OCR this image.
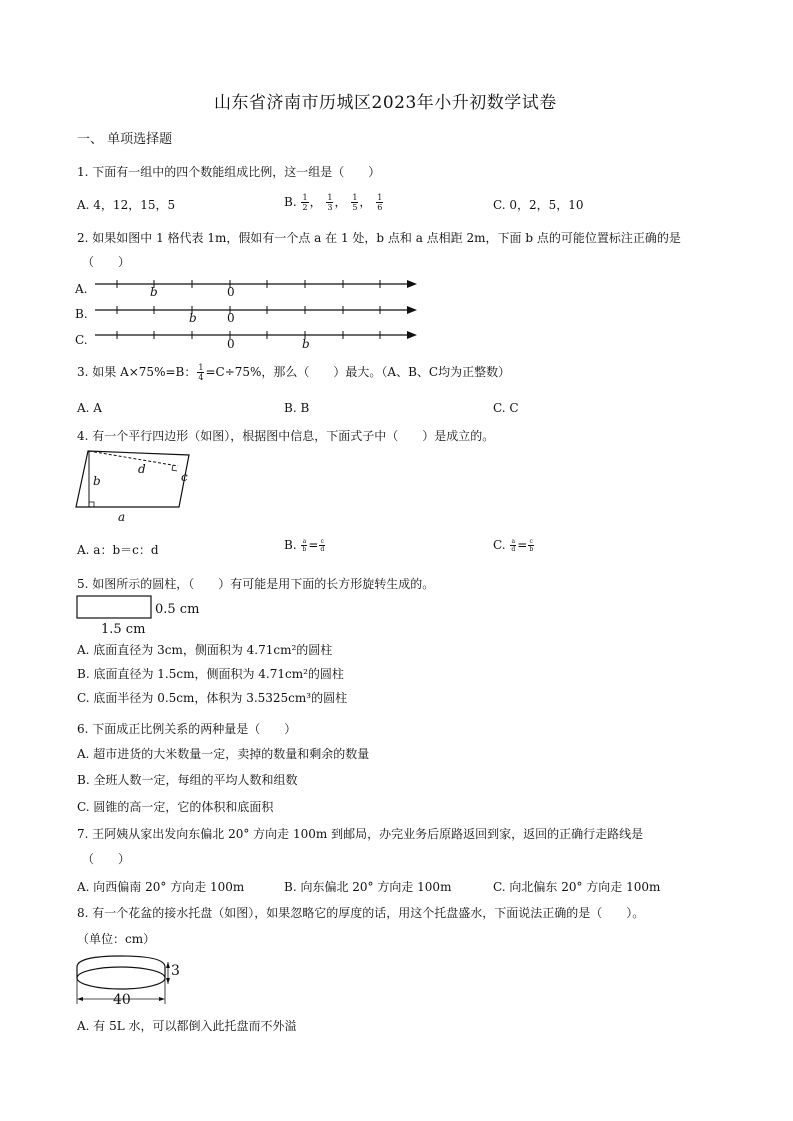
山东省济南市历城区2023年小升初数学试卷
一、 单项选择题
1. 下面有一组中的四个数能组成比例，这一组是（　　）
A. 4，12，15，5	B. $\frac{1}{2}$ ， $\frac{1}{3}$ ， $\frac{1}{5}$ ， $\frac{1}{6}$	C. 0，2，5，10
2. 如果如图中 1 格代表 1m，假如有一个点 a 在 1 处，b 点和 a 点相距 2m，下面 b 点的可能位置标注正确的是
（　　）
A.	b	0
B.	b	0
C.	0	b
3. 如果 A×75%=B： $\frac{1}{4} =C\div 75\%$，那么（　　）最大。（A、B、C均为正整数）
A. A	B. B	C. C
4. 有一个平行四边形（如图），根据图中信息，下面式子中（　　）是成立的。
b
d
c
a
A. a：b＝c：d	B. $\frac{a}{b} = \frac{c}{d}$	C. $\frac{a}{d} = \frac{c}{b}$
5. 如图所示的圆柱，（　　）有可能是用下面的长方形旋转生成的。
0.5 cm
1.5 cm
A. 底面直径为 3cm，侧面积为 4.71cm²的圆柱
B. 底面直径为 1.5cm，侧面积为 4.71cm²的圆柱
C. 底面半径为 0.5cm，体积为 3.5325cm³的圆柱
6. 下面成正比例关系的两种量是（　　）
A. 超市进货的大米数量一定，卖掉的数量和剩余的数量
B. 全班人数一定，每组的平均人数和组数
C. 圆锥的高一定，它的体积和底面积
7. 王阿姨从家出发向东偏北 20° 方向走 100m 到邮局，办完业务后原路返回到家，返回的正确行走路线是
（　　）
A. 向西偏南 20° 方向走 100m	B. 向东偏北 20° 方向走 100m	C. 向北偏东 20° 方向走 100m
8. 有一个花盆的接水托盘（如图），如果忽略它的厚度的话，用这个托盘盛水，下面说法正确的是（　　）。
（单位：cm）
3
40
A. 有 5L 水，可以都倒入此托盘而不外溢
